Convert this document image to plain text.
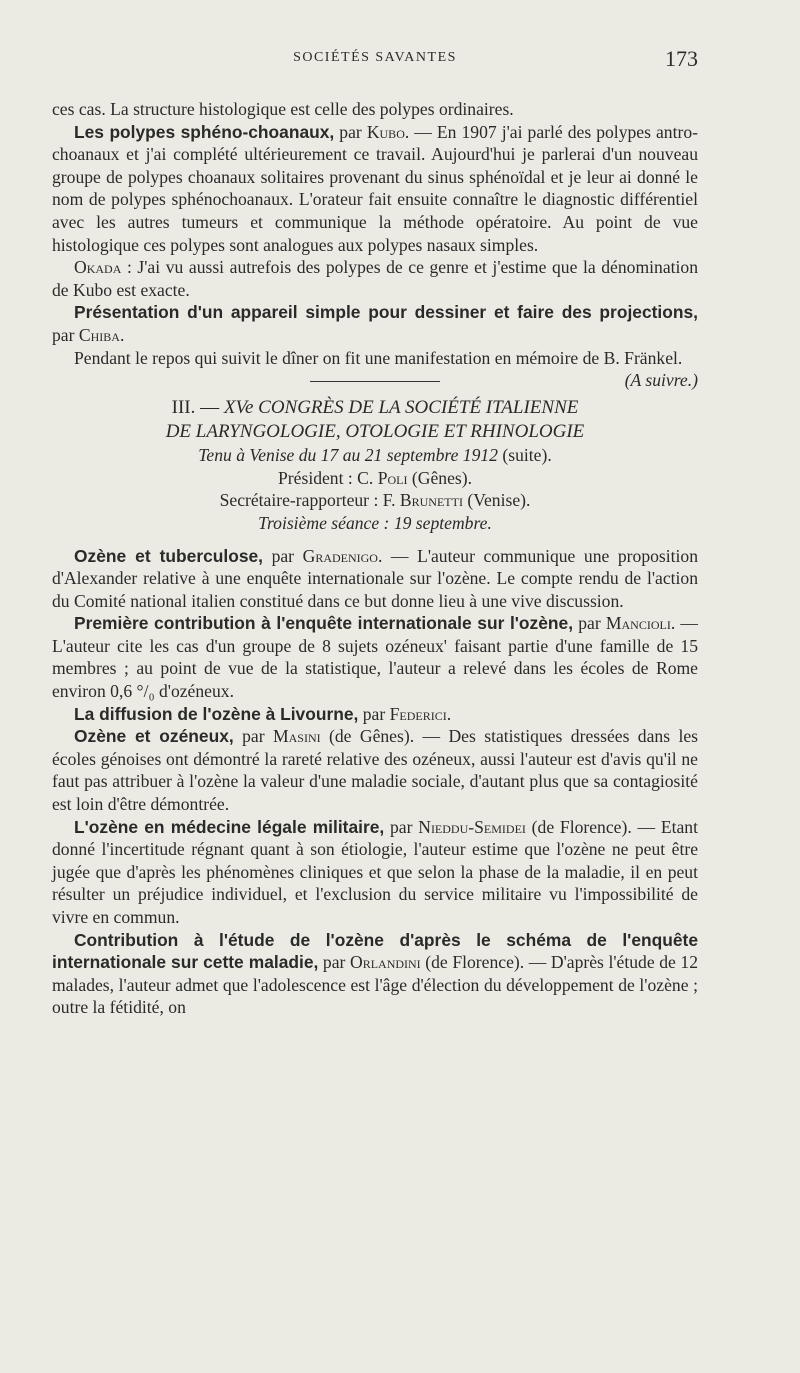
SOCIÉTÉS SAVANTES	173

ces cas. La structure histologique est celle des polypes ordinaires.

Les polypes sphéno-choanaux, par Kubo. — En 1907 j'ai parlé des polypes antro-choanaux et j'ai complété ultérieurement ce travail. Aujourd'hui je parlerai d'un nouveau groupe de polypes choanaux solitaires provenant du sinus sphénoïdal et je leur ai donné le nom de polypes sphénochoanaux. L'orateur fait ensuite connaître le diagnostic différentiel avec les autres tumeurs et communique la méthode opératoire. Au point de vue histologique ces polypes sont analogues aux polypes nasaux simples.

Okada : J'ai vu aussi autrefois des polypes de ce genre et j'estime que la dénomination de Kubo est exacte.

Présentation d'un appareil simple pour dessiner et faire des projections, par Chiba.

Pendant le repos qui suivit le dîner on fit une manifestation en mémoire de B. Fränkel.
(A suivre.)

III. — XVe CONGRÈS DE LA SOCIÉTÉ ITALIENNE

DE LARYNGOLOGIE, OTOLOGIE ET RHINOLOGIE

Tenu à Venise du 17 au 21 septembre 1912 (suite).

Président : C. Poli (Gênes).

Secrétaire-rapporteur : F. Brunetti (Venise).

Troisième séance : 19 septembre.

Ozène et tuberculose, par Gradenigo. — L'auteur communique une proposition d'Alexander relative à une enquête internationale sur l'ozène. Le compte rendu de l'action du Comité national italien constitué dans ce but donne lieu à une vive discussion.

Première contribution à l'enquête internationale sur l'ozène, par Mancioli. — L'auteur cite les cas d'un groupe de 8 sujets ozéneux' faisant partie d'une famille de 15 membres ; au point de vue de la statistique, l'auteur a relevé dans les écoles de Rome environ 0,6 °/₀ d'ozéneux.

La diffusion de l'ozène à Livourne, par Federici.

Ozène et ozéneux, par Masini (de Gênes). — Des statistiques dressées dans les écoles génoises ont démontré la rareté relative des ozéneux, aussi l'auteur est d'avis qu'il ne faut pas attribuer à l'ozène la valeur d'une maladie sociale, d'autant plus que sa contagiosité est loin d'être démontrée.

L'ozène en médecine légale militaire, par Nieddu-Semidei (de Florence). — Etant donné l'incertitude régnant quant à son étiologie, l'auteur estime que l'ozène ne peut être jugée que d'après les phénomènes cliniques et que selon la phase de la maladie, il en peut résulter un préjudice individuel, et l'exclusion du service militaire vu l'impossibilité de vivre en commun.

Contribution à l'étude de l'ozène d'après le schéma de l'enquête internationale sur cette maladie, par Orlandini (de Florence). — D'après l'étude de 12 malades, l'auteur admet que l'adolescence est l'âge d'élection du développement de l'ozène ; outre la fétidité, on
